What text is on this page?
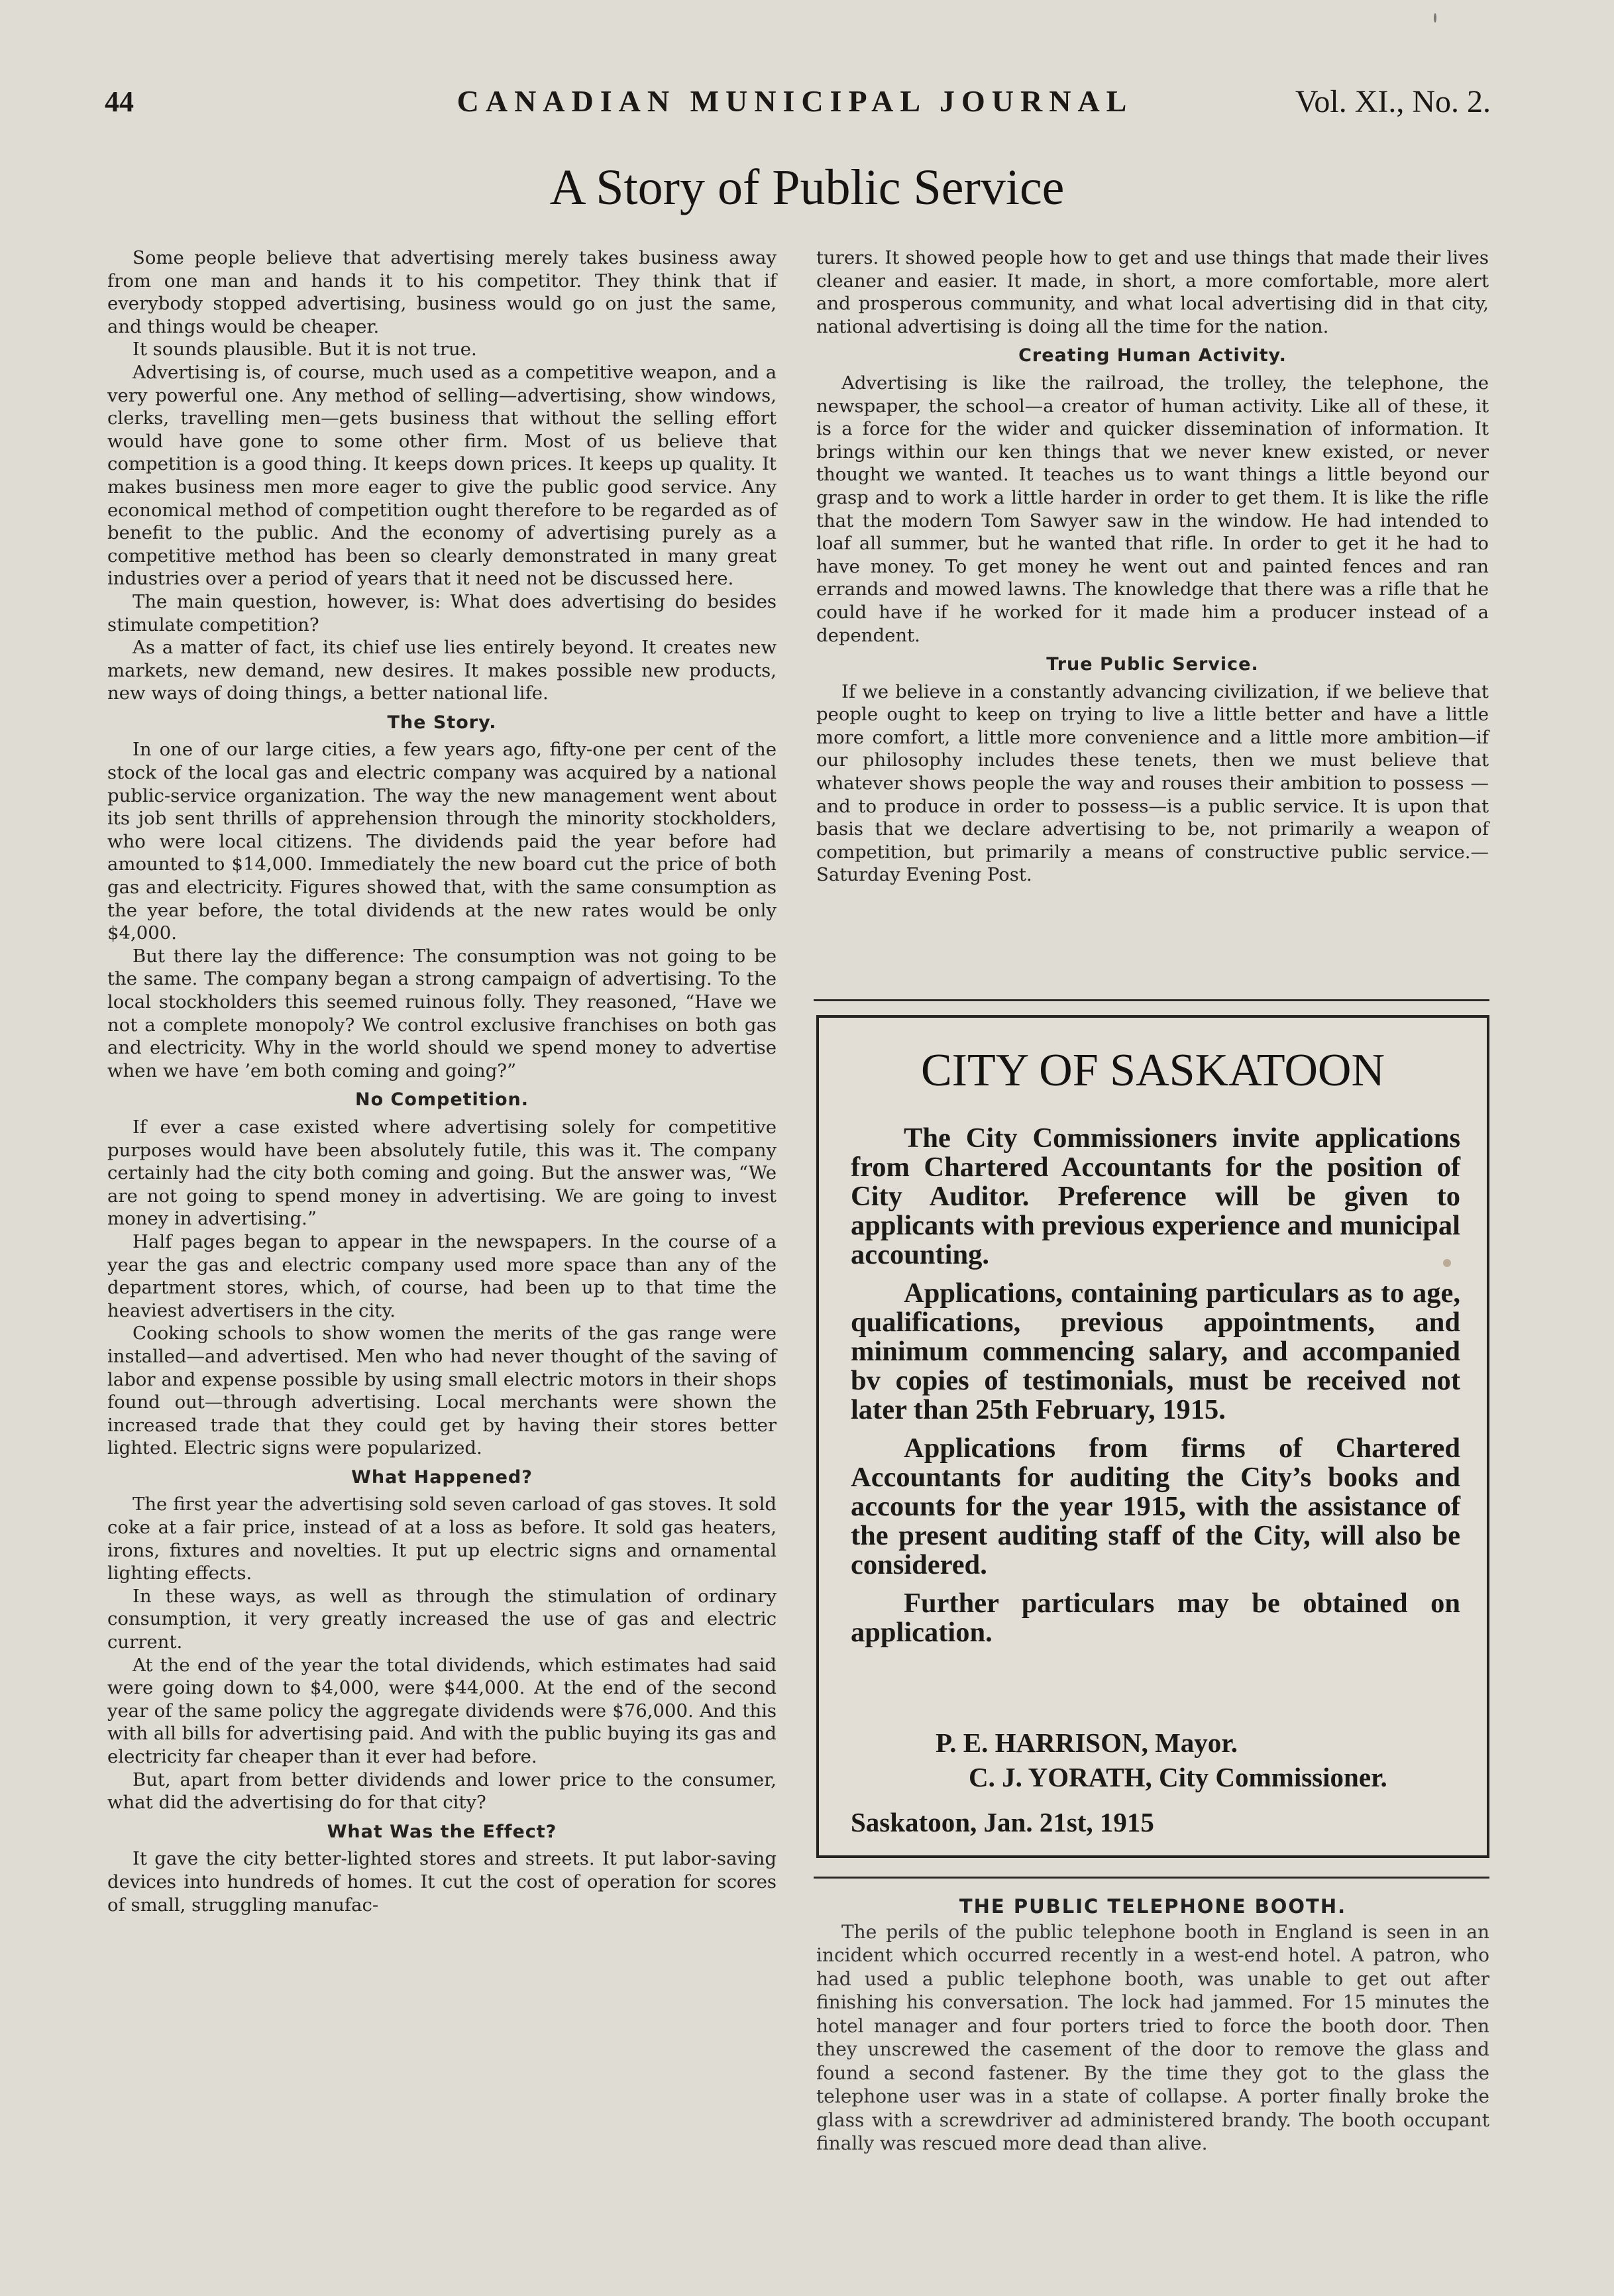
44	CANADIAN MUNICIPAL JOURNAL	Vol. XI., No. 2.
A Story of Public Service

Some people believe that advertising merely takes business away from one man and hands it to his competitor. They think that if everybody stopped advertising, business would go on just the same, and things would be cheaper.

It sounds plausible. But it is not true.

Advertising is, of course, much used as a competitive weapon, and a very powerful one. Any method of selling—advertising, show windows, clerks, travelling men—gets business that without the selling effort would have gone to some other firm. Most of us believe that competition is a good thing. It keeps down prices. It keeps up quality. It makes business men more eager to give the public good service. Any economical method of competition ought therefore to be regarded as of benefit to the public. And the economy of advertising purely as a competitive method has been so clearly demonstrated in many great industries over a period of years that it need not be discussed here.

The main question, however, is: What does advertising do besides stimulate competition?

As a matter of fact, its chief use lies entirely beyond. It creates new markets, new demand, new desires. It makes possible new products, new ways of doing things, a better national life.

The Story.

In one of our large cities, a few years ago, fifty-one per cent of the stock of the local gas and electric company was acquired by a national public-service organization. The way the new management went about its job sent thrills of apprehension through the minority stockholders, who were local citizens. The dividends paid the year before had amounted to $14,000. Immediately the new board cut the price of both gas and electricity. Figures showed that, with the same consumption as the year before, the total dividends at the new rates would be only $4,000.

But there lay the difference: The consumption was not going to be the same. The company began a strong campaign of advertising. To the local stockholders this seemed ruinous folly. They reasoned, “Have we not a complete monopoly? We control exclusive franchises on both gas and electricity. Why in the world should we spend money to advertise when we have ’em both coming and going?”

No Competition.

If ever a case existed where advertising solely for competitive purposes would have been absolutely futile, this was it. The company certainly had the city both coming and going. But the answer was, “We are not going to spend money in advertising. We are going to invest money in advertising.”

Half pages began to appear in the newspapers. In the course of a year the gas and electric company used more space than any of the department stores, which, of course, had been up to that time the heaviest advertisers in the city.

Cooking schools to show women the merits of the gas range were installed—and advertised. Men who had never thought of the saving of labor and expense possible by using small electric motors in their shops found out—through advertising. Local merchants were shown the increased trade that they could get by having their stores better lighted. Electric signs were popularized.

What Happened?

The first year the advertising sold seven carload of gas stoves. It sold coke at a fair price, instead of at a loss as before. It sold gas heaters, irons, fixtures and novelties. It put up electric signs and ornamental lighting effects.

In these ways, as well as through the stimulation of ordinary consumption, it very greatly increased the use of gas and electric current.

At the end of the year the total dividends, which estimates had said were going down to $4,000, were $44,000. At the end of the second year of the same policy the aggregate dividends were $76,000. And this with all bills for advertising paid. And with the public buying its gas and electricity far cheaper than it ever had before.

But, apart from better dividends and lower price to the consumer, what did the advertising do for that city?

What Was the Effect?

It gave the city better-lighted stores and streets. It put labor-saving devices into hundreds of homes. It cut the cost of operation for scores of small, struggling manufac-

turers. It showed people how to get and use things that made their lives cleaner and easier. It made, in short, a more comfortable, more alert and prosperous community, and what local advertising did in that city, national advertising is doing all the time for the nation.

Creating Human Activity.

Advertising is like the railroad, the trolley, the telephone, the newspaper, the school—a creator of human activity. Like all of these, it is a force for the wider and quicker dissemination of information. It brings within our ken things that we never knew existed, or never thought we wanted. It teaches us to want things a little beyond our grasp and to work a little harder in order to get them. It is like the rifle that the modern Tom Sawyer saw in the window. He had intended to loaf all summer, but he wanted that rifle. In order to get it he had to have money. To get money he went out and painted fences and ran errands and mowed lawns. The knowledge that there was a rifle that he could have if he worked for it made him a producer instead of a dependent.

True Public Service.

If we believe in a constantly advancing civilization, if we believe that people ought to keep on trying to live a little better and have a little more comfort, a little more convenience and a little more ambition—if our philosophy includes these tenets, then we must believe that whatever shows people the way and rouses their ambition to possess —and to produce in order to possess—is a public service. It is upon that basis that we declare advertising to be, not primarily a weapon of competition, but primarily a means of constructive public service.—Saturday Evening Post.

CITY OF SASKATOON

The City Commissioners invite applications from Chartered Accountants for the position of City Auditor. Preference will be given to applicants with previous experience and municipal accounting.

Applications, containing particulars as to age, qualifications, previous appointments, and minimum commencing salary, and accompanied bv copies of testimonials, must be received not later than 25th February, 1915.

Applications from firms of Chartered Accountants for auditing the City’s books and accounts for the year 1915, with the assistance of the present auditing staff of the City, will also be considered.

Further particulars may be obtained on application.

P. E. HARRISON, Mayor.
C. J. YORATH, City Commissioner.
Saskatoon, Jan. 21st, 1915
THE PUBLIC TELEPHONE BOOTH.

The perils of the public telephone booth in England is seen in an incident which occurred recently in a west-end hotel. A patron, who had used a public telephone booth, was unable to get out after finishing his conversation. The lock had jammed. For 15 minutes the hotel manager and four porters tried to force the booth door. Then they unscrewed the casement of the door to remove the glass and found a second fastener. By the time they got to the glass the telephone user was in a state of collapse. A porter finally broke the glass with a screwdriver ad administered brandy. The booth occupant finally was rescued more dead than alive.
